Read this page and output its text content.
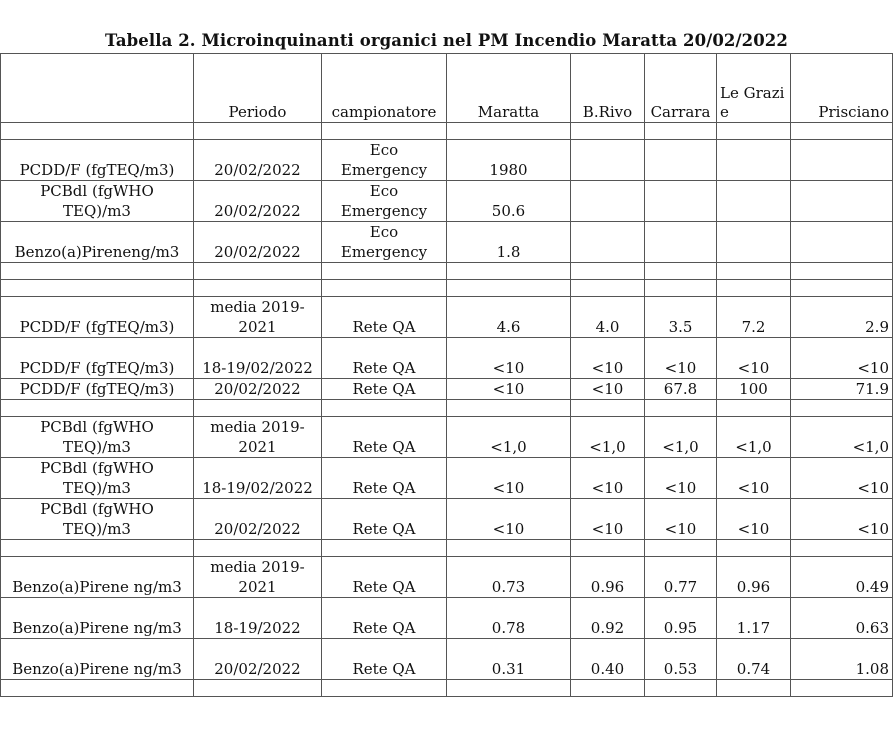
Tabella 2. Microinquinanti organici nel PM Incendio Maratta 20/02/2022
	Periodo	campionatore	Maratta	B.Rivo	Carrara	Le Grazie	Prisciano

PCDD/F (fgTEQ/m3)	20/02/2022	Eco Emergency	1980				
PCBdl (fgWHO TEQ)/m3	20/02/2022	Eco Emergency	50.6				
Benzo(a)Pireneng/m3	20/02/2022	Eco Emergency	1.8				

PCDD/F (fgTEQ/m3)	media 2019-2021	Rete QA	4.6	4.0	3.5	7.2	2.9
PCDD/F (fgTEQ/m3)	18-19/02/2022	Rete QA	<10	<10	<10	<10	<10
PCDD/F (fgTEQ/m3)	20/02/2022	Rete QA	<10	<10	67.8	100	71.9

PCBdl (fgWHO TEQ)/m3	media 2019-2021	Rete QA	<1,0	<1,0	<1,0	<1,0	<1,0
PCBdl (fgWHO TEQ)/m3	18-19/02/2022	Rete QA	<10	<10	<10	<10	<10
PCBdl (fgWHO TEQ)/m3	20/02/2022	Rete QA	<10	<10	<10	<10	<10

Benzo(a)Pirene ng/m3	media 2019-2021	Rete QA	0.73	0.96	0.77	0.96	0.49
Benzo(a)Pirene ng/m3	18-19/2022	Rete QA	0.78	0.92	0.95	1.17	0.63
Benzo(a)Pirene ng/m3	20/02/2022	Rete QA	0.31	0.40	0.53	0.74	1.08
